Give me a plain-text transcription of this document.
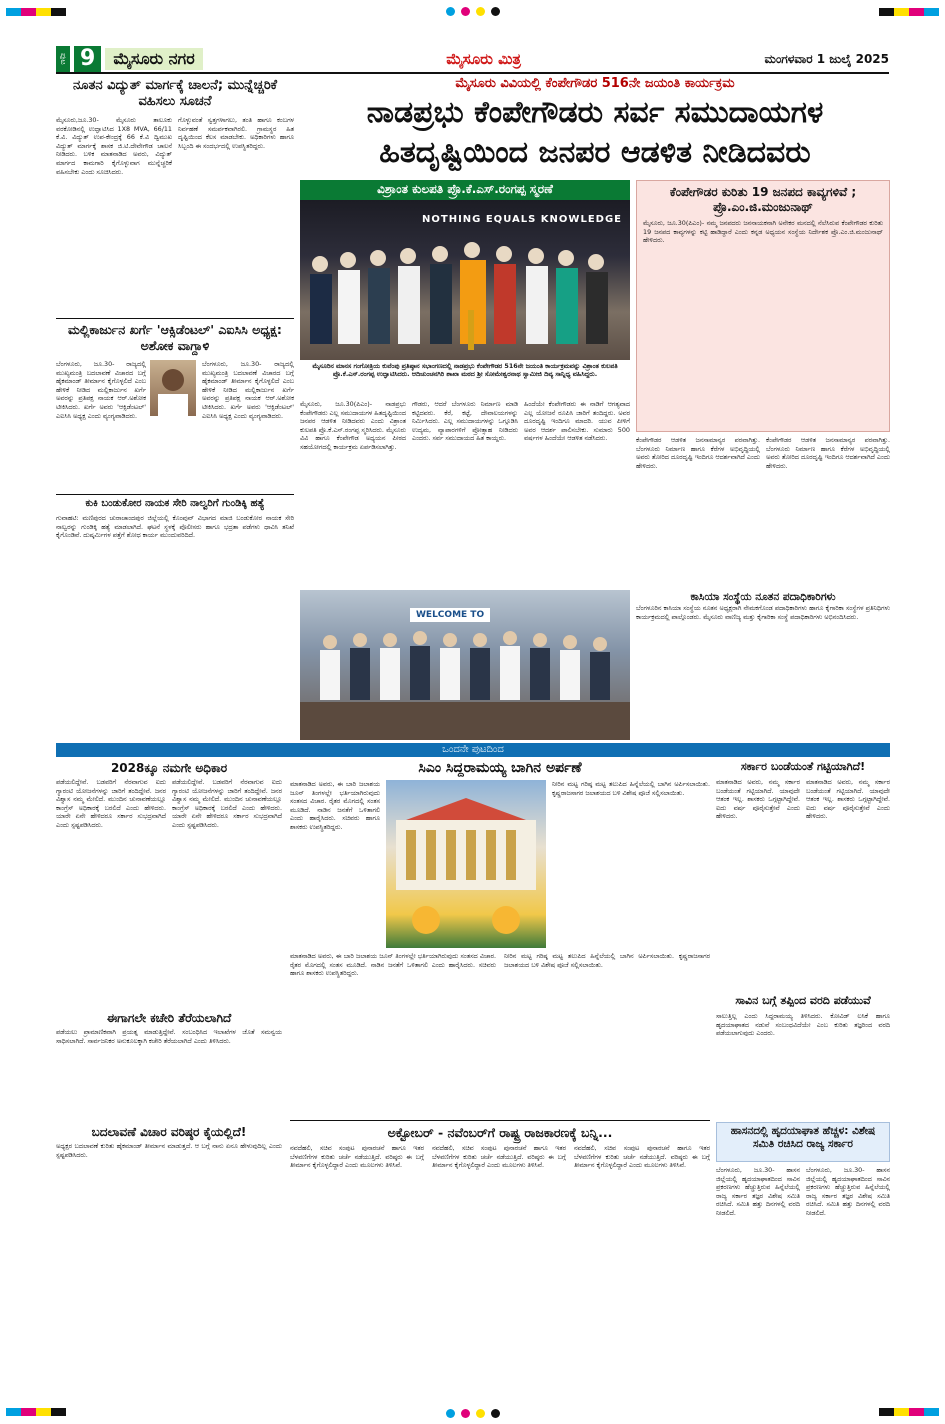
ಪುಟ 9	ಮೈಸೂರು ನಗರ	ಮೈಸೂರು ಮಿತ್ರ	ಮಂಗಳವಾರ 1 ಜುಲೈ 2025
ನೂತನ ವಿದ್ಯುತ್ ಮಾರ್ಗಕ್ಕೆ ಚಾಲನೆ; ಮುನ್ನೆಚ್ಚರಿಕೆ ವಹಿಸಲು ಸೂಚನೆ
ಮೈಸೂರು,ಜೂ.30- ಮೈಸೂರು ತಾಲೂಕು ವರಕೋಡಿನಲ್ಲಿ ಉದ್ಘಾಟಿಸಿದ 1X8 MVA, 66/11 ಕೆ.ವಿ. ವಿದ್ಯುತ್ ಉಪ-ಕೇಂದ್ರಕ್ಕೆ 66 ಕೆ.ವಿ ದ್ವಿಮುಖ ವಿದ್ಯುತ್ ಮಾರ್ಗಕ್ಕೆ ಶಾಸಕ ಜಿ.ಟಿ.ದೇವೇಗೌಡ ಚಾಲನೆ ನೀಡಿದರು. ಬಳಿಕ ಮಾತನಾಡಿದ ಅವರು, ವಿದ್ಯುತ್ ಮಾರ್ಗದ ಕಾಮಗಾರಿ ಕೈಗೊಳ್ಳುವಾಗ ಮುನ್ನೆಚ್ಚರಿಕೆ ವಹಿಸಬೇಕು ಎಂದು ಸೂಚಿಸಿದರು.
ಗೊಳ್ಳುವಂತೆ ಸ್ವತ್ತಗಳಾಗಲು, ತಂತಿ ಹಾಗೂ ಕಂಬಗಳ ನಿರ್ವಹಣೆ ಸಮರ್ಪಕವಾಗಿರಲಿ. ಗ್ರಾಮಸ್ಥರ ಹಿತ ದೃಷ್ಟಿಯಿಂದ ಕೆಲಸ ಮಾಡಬೇಕು. ಅಧಿಕಾರಿಗಳು ಹಾಗೂ ಸಿಬ್ಬಂದಿ ಈ ಸಂದರ್ಭದಲ್ಲಿ ಉಪಸ್ಥಿತರಿದ್ದರು.
ಮಲ್ಲಿಕಾರ್ಜುನ ಖರ್ಗೆ 'ಆಕ್ಸಿಡೆಂಟಲ್' ಎಐಸಿಸಿ ಅಧ್ಯಕ್ಷ: ಅಶೋಕ ವಾಗ್ದಾಳಿ
ಬೆಂಗಳೂರು, ಜೂ.30- ರಾಜ್ಯದಲ್ಲಿ ಮುಖ್ಯಮಂತ್ರಿ ಬದಲಾವಣೆ ವಿಚಾರದ ಬಗ್ಗೆ ಹೈಕಮಾಂಡ್ ತೀರ್ಮಾನ ಕೈಗೊಳ್ಳಲಿದೆ ಎಂಬ ಹೇಳಿಕೆ ನೀಡಿದ ಮಲ್ಲಿಕಾರ್ಜುನ ಖರ್ಗೆ ಅವರನ್ನು ಪ್ರತಿಪಕ್ಷ ನಾಯಕ ಆರ್.ಅಶೋಕ ಟೀಕಿಸಿದರು. ಖರ್ಗೆ ಅವರು 'ಆಕ್ಸಿಡೆಂಟಲ್' ಎಐಸಿಸಿ ಅಧ್ಯಕ್ಷ ಎಂದು ವ್ಯಂಗ್ಯವಾಡಿದರು.
ಬೆಂಗಳೂರು, ಜೂ.30- ರಾಜ್ಯದಲ್ಲಿ ಮುಖ್ಯಮಂತ್ರಿ ಬದಲಾವಣೆ ವಿಚಾರದ ಬಗ್ಗೆ ಹೈಕಮಾಂಡ್ ತೀರ್ಮಾನ ಕೈಗೊಳ್ಳಲಿದೆ ಎಂಬ ಹೇಳಿಕೆ ನೀಡಿದ ಮಲ್ಲಿಕಾರ್ಜುನ ಖರ್ಗೆ ಅವರನ್ನು ಪ್ರತಿಪಕ್ಷ ನಾಯಕ ಆರ್.ಅಶೋಕ ಟೀಕಿಸಿದರು. ಖರ್ಗೆ ಅವರು 'ಆಕ್ಸಿಡೆಂಟಲ್' ಎಐಸಿಸಿ ಅಧ್ಯಕ್ಷ ಎಂದು ವ್ಯಂಗ್ಯವಾಡಿದರು.
ಕುಕಿ ಬಂಡುಕೋರ ನಾಯಕ ಸೇರಿ ನಾಲ್ವರಿಗೆ ಗುಂಡಿಕ್ಕಿ ಹತ್ಯೆ
ಗುವಾಹಟಿ: ಮಣಿಪುರದ ಚುರಾಚಾಂದಪುರ ಜಿಲ್ಲೆಯಲ್ಲಿ ಕೊಂಪುವ್ ವಿಭಾಗದ ಮಾಜಿ ಬಂಡುಕೋರ ನಾಯಕ ಸೇರಿ ನಾಲ್ವರನ್ನು ಗುಂಡಿಕ್ಕಿ ಹತ್ಯೆ ಮಾಡಲಾಗಿದೆ. ಘಟನೆ ಸ್ಥಳಕ್ಕೆ ಪೊಲೀಸರು ಹಾಗೂ ಭದ್ರತಾ ಪಡೆಗಳು ಧಾವಿಸಿ ತನಿಖೆ ಕೈಗೊಂಡಿವೆ. ದುಷ್ಕರ್ಮಿಗಳ ಪತ್ತೆಗೆ ಶೋಧ ಕಾರ್ಯ ಮುಂದುವರಿದಿದೆ.
ಮೈಸೂರು ವಿವಿಯಲ್ಲಿ ಕೆಂಪೇಗೌಡರ 516ನೇ ಜಯಂತಿ ಕಾರ್ಯಕ್ರಮ
ನಾಡಪ್ರಭು ಕೆಂಪೇಗೌಡರು ಸರ್ವ ಸಮುದಾಯಗಳ
ಹಿತದೃಷ್ಟಿಯಿಂದ ಜನಪರ ಆಡಳಿತ ನೀಡಿದವರು
ವಿಶ್ರಾಂತ ಕುಲಪತಿ ಪ್ರೊ.ಕೆ.ಎಸ್.ರಂಗಪ್ಪ ಸ್ಮರಣೆ
NOTHING EQUALS KNOWLEDGE
ಮೈಸೂರಿನ ಮಾನಸ ಗಂಗೋತ್ರಿಯ ಕುವೆಂಪು ಪ್ರತಿಷ್ಠಾನ ಸಭಾಂಗಣದಲ್ಲಿ ನಾಡಪ್ರಭು ಕೆಂಪೇಗೌಡರ 516ನೇ ಜಯಂತಿ ಕಾರ್ಯಕ್ರಮವನ್ನು ವಿಶ್ರಾಂತ ಕುಲಪತಿ ಪ್ರೊ.ಕೆ.ಎಸ್.ರಂಗಪ್ಪ ಉದ್ಘಾಟಿಸಿದರು. ಆದಿಚುಂಚನಗಿರಿ ಶಾಖಾ ಮಠದ ಶ್ರೀ ಸೋಮೇಶ್ವರನಾಥ ಸ್ವಾಮೀಜಿ ದಿವ್ಯ ಸಾನ್ನಿಧ್ಯ ವಹಿಸಿದ್ದರು.
ಮೈಸೂರು, ಜೂ.30(ಪಿಎಂ)- ನಾಡಪ್ರಭು ಕೆಂಪೇಗೌಡರು ಎಲ್ಲ ಸಮುದಾಯಗಳ ಹಿತದೃಷ್ಟಿಯಿಂದ ಜನಪರ ಆಡಳಿತ ನೀಡಿದವರು ಎಂದು ವಿಶ್ರಾಂತ ಕುಲಪತಿ ಪ್ರೊ.ಕೆ.ಎಸ್.ರಂಗಪ್ಪ ಸ್ಮರಿಸಿದರು. ಮೈಸೂರು ವಿವಿ ಹಾಗೂ ಕೆಂಪೇಗೌಡ ಅಧ್ಯಯನ ಪೀಠದ ಸಹಯೋಗದಲ್ಲಿ ಕಾರ್ಯಕ್ರಮ ಏರ್ಪಡಿಸಲಾಗಿತ್ತು.
ಗೌಡರು, ಆದರೆ ಬೆಂಗಳೂರು ನಿರ್ಮಾಣ ಮಾಡಿ ಕಟ್ಟಿದವರು. ಕೆರೆ, ಕಟ್ಟೆ, ದೇವಾಲಯಗಳನ್ನು ನಿರ್ಮಿಸಿದರು. ಎಲ್ಲ ಸಮುದಾಯಗಳನ್ನು ಒಗ್ಗೂಡಿಸಿ ಉದ್ಯಮ, ವ್ಯಾಪಾರಗಳಿಗೆ ಪ್ರೋತ್ಸಾಹ ನೀಡಿದರು ಎಂದರು. ಸರ್ವ ಸಮುದಾಯದ ಹಿತ ಕಾಯ್ದರು.
ಹಿಂದೆಯೇ ಕೆಂಪೇಗೌಡರು ಈ ನಾಡಿಗೆ ಆಗತ್ಯವಾದ ಎಲ್ಲ ಯೋಜನೆ ರೂಪಿಸಿ ಜಾರಿಗೆ ತಂದಿದ್ದರು. ಅವರ ದೂರದೃಷ್ಟಿ ಇಂದಿಗೂ ಮಾದರಿ. ಯುವ ಪೀಳಿಗೆ ಅವರ ಆದರ್ಶ ಪಾಲಿಸಬೇಕು. ಸುಮಾರು 500 ವರ್ಷಗಳ ಹಿಂದೆಯೇ ಆಡಳಿತ ನಡೆಸಿದರು.
ಕೆಂಪೇಗೌಡರ ಕುರಿತು 19 ಜನಪದ ಕಾವ್ಯಗಳಿವೆ ; ಪ್ರೊ.ಎಂ.ಜಿ.ಮಂಜುನಾಥ್
ಮೈಸೂರು, ಜೂ.30(ಪಿಎಂ)- ನಮ್ಮ ಜನಪದರು ಜನನಾಯಕನಾಗಿ ಅನೇಕರ ಮನದಲ್ಲಿ ನೆಲೆಸಿರುವ ಕೆಂಪೇಗೌಡರ ಕುರಿತು 19 ಜನಪದ ಕಾವ್ಯಗಳನ್ನು ಕಟ್ಟಿ ಹಾಡಿದ್ದಾರೆ ಎಂದು ಕನ್ನಡ ಅಧ್ಯಯನ ಸಂಸ್ಥೆಯ ನಿರ್ದೇಶಕ ಪ್ರೊ.ಎಂ.ಜಿ.ಮಂಜುನಾಥ್ ಹೇಳಿದರು.
ಕೆಂಪೇಗೌಡರ ಆಡಳಿತ ಜನಸಾಮಾನ್ಯರ ಪರವಾಗಿತ್ತು. ಬೆಂಗಳೂರು ನಿರ್ಮಾಣ ಹಾಗೂ ಕೆರೆಗಳ ಅಭಿವೃದ್ಧಿಯಲ್ಲಿ ಅವರು ತೋರಿದ ದೂರದೃಷ್ಟಿ ಇಂದಿಗೂ ಆದರ್ಶವಾಗಿದೆ ಎಂದು ಹೇಳಿದರು.
ಕೆಂಪೇಗೌಡರ ಆಡಳಿತ ಜನಸಾಮಾನ್ಯರ ಪರವಾಗಿತ್ತು. ಬೆಂಗಳೂರು ನಿರ್ಮಾಣ ಹಾಗೂ ಕೆರೆಗಳ ಅಭಿವೃದ್ಧಿಯಲ್ಲಿ ಅವರು ತೋರಿದ ದೂರದೃಷ್ಟಿ ಇಂದಿಗೂ ಆದರ್ಶವಾಗಿದೆ ಎಂದು ಹೇಳಿದರು.
WELCOME TO
ಕಾಸಿಯಾ ಸಂಸ್ಥೆಯ ನೂತನ ಪದಾಧಿಕಾರಿಗಳು
ಬೆಂಗಳೂರಿನ ಕಾಸಿಯಾ ಸಂಸ್ಥೆಯ ನೂತನ ಅಧ್ಯಕ್ಷರಾಗಿ ನೇಮಕಗೊಂಡ ಪದಾಧಿಕಾರಿಗಳು ಹಾಗೂ ಕೈಗಾರಿಕಾ ಸಂಸ್ಥೆಗಳ ಪ್ರತಿನಿಧಿಗಳು ಕಾರ್ಯಕ್ರಮದಲ್ಲಿ ಪಾಲ್ಗೊಂಡರು. ಮೈಸೂರು ವಾಣಿಜ್ಯ ಮತ್ತು ಕೈಗಾರಿಕಾ ಸಂಸ್ಥೆ ಪದಾಧಿಕಾರಿಗಳು ಅಭಿನಂದಿಸಿದರು.
ಒಂದನೇ ಪುಟದಿಂದ
2028ಕ್ಕೂ ನಮಗೇ ಅಧಿಕಾರ
ಪಡೆಯಲಿದ್ದೇವೆ. ಬಡವರಿಗೆ ನೆರವಾಗುವ ಐದು ಗ್ಯಾರಂಟಿ ಯೋಜನೆಗಳನ್ನು ಜಾರಿಗೆ ತಂದಿದ್ದೇವೆ. ಜನರ ವಿಶ್ವಾಸ ನಮ್ಮ ಮೇಲಿದೆ. ಮುಂದಿನ ಚುನಾವಣೆಯಲ್ಲೂ ಕಾಂಗ್ರೆಸ್ ಅಧಿಕಾರಕ್ಕೆ ಬರಲಿದೆ ಎಂದು ಹೇಳಿದರು. ಯಾರೇ ಏನೇ ಹೇಳಿದರೂ ಸರ್ಕಾರ ಸುಭದ್ರವಾಗಿದೆ ಎಂದು ಸ್ಪಷ್ಟಪಡಿಸಿದರು.
ಪಡೆಯಲಿದ್ದೇವೆ. ಬಡವರಿಗೆ ನೆರವಾಗುವ ಐದು ಗ್ಯಾರಂಟಿ ಯೋಜನೆಗಳನ್ನು ಜಾರಿಗೆ ತಂದಿದ್ದೇವೆ. ಜನರ ವಿಶ್ವಾಸ ನಮ್ಮ ಮೇಲಿದೆ. ಮುಂದಿನ ಚುನಾವಣೆಯಲ್ಲೂ ಕಾಂಗ್ರೆಸ್ ಅಧಿಕಾರಕ್ಕೆ ಬರಲಿದೆ ಎಂದು ಹೇಳಿದರು. ಯಾರೇ ಏನೇ ಹೇಳಿದರೂ ಸರ್ಕಾರ ಸುಭದ್ರವಾಗಿದೆ ಎಂದು ಸ್ಪಷ್ಟಪಡಿಸಿದರು.
ಈಗಾಗಲೇ ಕಚೇರಿ ತೆರೆಯಲಾಗಿದೆ
ಪಡೆಯಲು ಪ್ರಾಮಾಣಿಕವಾಗಿ ಪ್ರಯತ್ನ ಮಾಡುತ್ತಿದ್ದೇವೆ. ಸಂಬಂಧಿಸಿದ ಇಲಾಖೆಗಳ ಜೊತೆ ಸಮನ್ವಯ ಸಾಧಿಸಲಾಗಿದೆ. ಸಾರ್ವಜನಿಕರ ಅನುಕೂಲಕ್ಕಾಗಿ ಕಚೇರಿ ತೆರೆಯಲಾಗಿದೆ ಎಂದು ತಿಳಿಸಿದರು.
ಬದಲಾವಣೆ ವಿಚಾರ ವರಿಷ್ಠರ ಕೈಯಲ್ಲಿದೆ!
ಅಧ್ಯಕ್ಷರ ಬದಲಾವಣೆ ಕುರಿತು ಹೈಕಮಾಂಡ್ ತೀರ್ಮಾನ ಮಾಡುತ್ತದೆ. ಆ ಬಗ್ಗೆ ನಾನು ಏನೂ ಹೇಳುವುದಿಲ್ಲ ಎಂದು ಸ್ಪಷ್ಟಪಡಿಸಿದರು.
ಸಿಎಂ ಸಿದ್ದರಾಮಯ್ಯ ಬಾಗಿನ ಅರ್ಪಣೆ
ಮಾತನಾಡಿದ ಅವರು, ಈ ಬಾರಿ ಜಲಾಶಯ ಜೂನ್ ತಿಂಗಳಲ್ಲೇ ಭರ್ತಿಯಾಗಿರುವುದು ಸಂತಸದ ವಿಚಾರ. ರೈತರ ಮೊಗದಲ್ಲಿ ಸಂತಸ ಮೂಡಿದೆ. ನಾಡಿನ ಜನತೆಗೆ ಒಳಿತಾಗಲಿ ಎಂದು ಹಾರೈಸಿದರು. ಸಚಿವರು ಹಾಗೂ ಶಾಸಕರು ಉಪಸ್ಥಿತರಿದ್ದರು.
ನೀರಿನ ಮಟ್ಟ ಗರಿಷ್ಠ ಮಟ್ಟ ತಲುಪಿದ ಹಿನ್ನೆಲೆಯಲ್ಲಿ ಬಾಗಿನ ಅರ್ಪಿಸಲಾಯಿತು. ಕೃಷ್ಣರಾಜಸಾಗರ ಜಲಾಶಯದ ಬಳಿ ವಿಶೇಷ ಪೂಜೆ ಸಲ್ಲಿಸಲಾಯಿತು.
ಮಾತನಾಡಿದ ಅವರು, ಈ ಬಾರಿ ಜಲಾಶಯ ಜೂನ್ ತಿಂಗಳಲ್ಲೇ ಭರ್ತಿಯಾಗಿರುವುದು ಸಂತಸದ ವಿಚಾರ. ರೈತರ ಮೊಗದಲ್ಲಿ ಸಂತಸ ಮೂಡಿದೆ. ನಾಡಿನ ಜನತೆಗೆ ಒಳಿತಾಗಲಿ ಎಂದು ಹಾರೈಸಿದರು. ಸಚಿವರು ಹಾಗೂ ಶಾಸಕರು ಉಪಸ್ಥಿತರಿದ್ದರು.
ನೀರಿನ ಮಟ್ಟ ಗರಿಷ್ಠ ಮಟ್ಟ ತಲುಪಿದ ಹಿನ್ನೆಲೆಯಲ್ಲಿ ಬಾಗಿನ ಅರ್ಪಿಸಲಾಯಿತು. ಕೃಷ್ಣರಾಜಸಾಗರ ಜಲಾಶಯದ ಬಳಿ ವಿಶೇಷ ಪೂಜೆ ಸಲ್ಲಿಸಲಾಯಿತು.
ಅಕ್ಟೋಬರ್ - ನವೆಂಬರ್‌ಗೆ ರಾಷ್ಟ್ರ ರಾಜಕಾರಣಕ್ಕೆ ಬನ್ನಿ...
ನವದೆಹಲಿ, ಸಚಿವ ಸಂಪುಟ ಪುನಾರಚನೆ ಹಾಗೂ ಇತರ ಬೆಳವಣಿಗೆಗಳ ಕುರಿತು ಚರ್ಚೆ ನಡೆಯುತ್ತಿದೆ. ವರಿಷ್ಠರು ಈ ಬಗ್ಗೆ ತೀರ್ಮಾನ ಕೈಗೊಳ್ಳಲಿದ್ದಾರೆ ಎಂದು ಮೂಲಗಳು ತಿಳಿಸಿವೆ.
ನವದೆಹಲಿ, ಸಚಿವ ಸಂಪುಟ ಪುನಾರಚನೆ ಹಾಗೂ ಇತರ ಬೆಳವಣಿಗೆಗಳ ಕುರಿತು ಚರ್ಚೆ ನಡೆಯುತ್ತಿದೆ. ವರಿಷ್ಠರು ಈ ಬಗ್ಗೆ ತೀರ್ಮಾನ ಕೈಗೊಳ್ಳಲಿದ್ದಾರೆ ಎಂದು ಮೂಲಗಳು ತಿಳಿಸಿವೆ.
ನವದೆಹಲಿ, ಸಚಿವ ಸಂಪುಟ ಪುನಾರಚನೆ ಹಾಗೂ ಇತರ ಬೆಳವಣಿಗೆಗಳ ಕುರಿತು ಚರ್ಚೆ ನಡೆಯುತ್ತಿದೆ. ವರಿಷ್ಠರು ಈ ಬಗ್ಗೆ ತೀರ್ಮಾನ ಕೈಗೊಳ್ಳಲಿದ್ದಾರೆ ಎಂದು ಮೂಲಗಳು ತಿಳಿಸಿವೆ.
ಸರ್ಕಾರ ಬಂಡೆಯಂತೆ ಗಟ್ಟಿಯಾಗಿದೆ!
ಮಾತನಾಡಿದ ಅವರು, ನಮ್ಮ ಸರ್ಕಾರ ಬಂಡೆಯಂತೆ ಗಟ್ಟಿಯಾಗಿದೆ. ಯಾವುದೇ ಆತಂಕ ಇಲ್ಲ. ಶಾಸಕರು ಒಗ್ಗಟ್ಟಾಗಿದ್ದೇವೆ. ಐದು ವರ್ಷ ಪೂರೈಸುತ್ತೇವೆ ಎಂದು ಹೇಳಿದರು.
ಮಾತನಾಡಿದ ಅವರು, ನಮ್ಮ ಸರ್ಕಾರ ಬಂಡೆಯಂತೆ ಗಟ್ಟಿಯಾಗಿದೆ. ಯಾವುದೇ ಆತಂಕ ಇಲ್ಲ. ಶಾಸಕರು ಒಗ್ಗಟ್ಟಾಗಿದ್ದೇವೆ. ಐದು ವರ್ಷ ಪೂರೈಸುತ್ತೇವೆ ಎಂದು ಹೇಳಿದರು.
ಸಾವಿನ ಬಗ್ಗೆ ತಪ್ಪಿಂದ ವರದಿ ಪಡೆಯುವೆ
ಸಾಲುತ್ತಿಲ್ಲ ಎಂದು ಸಿದ್ದರಾಮಯ್ಯ ತಿಳಿಸಿದರು. ಕೋವಿಡ್ ಲಸಿಕೆ ಹಾಗೂ ಹೃದಯಾಘಾತದ ನಡುವೆ ಸಂಬಂಧವಿದೆಯೇ ಎಂಬ ಕುರಿತು ತಜ್ಞರಿಂದ ವರದಿ ಪಡೆಯಲಾಗುವುದು ಎಂದರು.
ಹಾಸನದಲ್ಲಿ ಹೃದಯಾಘಾತ ಹೆಚ್ಚಳ: ವಿಶೇಷ ಸಮಿತಿ ರಚಿಸಿದ ರಾಜ್ಯ ಸರ್ಕಾರ
ಬೆಂಗಳೂರು, ಜೂ.30- ಹಾಸನ ಜಿಲ್ಲೆಯಲ್ಲಿ ಹೃದಯಾಘಾತದಿಂದ ಸಾವಿನ ಪ್ರಕರಣಗಳು ಹೆಚ್ಚುತ್ತಿರುವ ಹಿನ್ನೆಲೆಯಲ್ಲಿ ರಾಜ್ಯ ಸರ್ಕಾರ ತಜ್ಞರ ವಿಶೇಷ ಸಮಿತಿ ರಚಿಸಿದೆ. ಸಮಿತಿ ಹತ್ತು ದಿನಗಳಲ್ಲಿ ವರದಿ ನೀಡಲಿದೆ.
ಬೆಂಗಳೂರು, ಜೂ.30- ಹಾಸನ ಜಿಲ್ಲೆಯಲ್ಲಿ ಹೃದಯಾಘಾತದಿಂದ ಸಾವಿನ ಪ್ರಕರಣಗಳು ಹೆಚ್ಚುತ್ತಿರುವ ಹಿನ್ನೆಲೆಯಲ್ಲಿ ರಾಜ್ಯ ಸರ್ಕಾರ ತಜ್ಞರ ವಿಶೇಷ ಸಮಿತಿ ರಚಿಸಿದೆ. ಸಮಿತಿ ಹತ್ತು ದಿನಗಳಲ್ಲಿ ವರದಿ ನೀಡಲಿದೆ.
